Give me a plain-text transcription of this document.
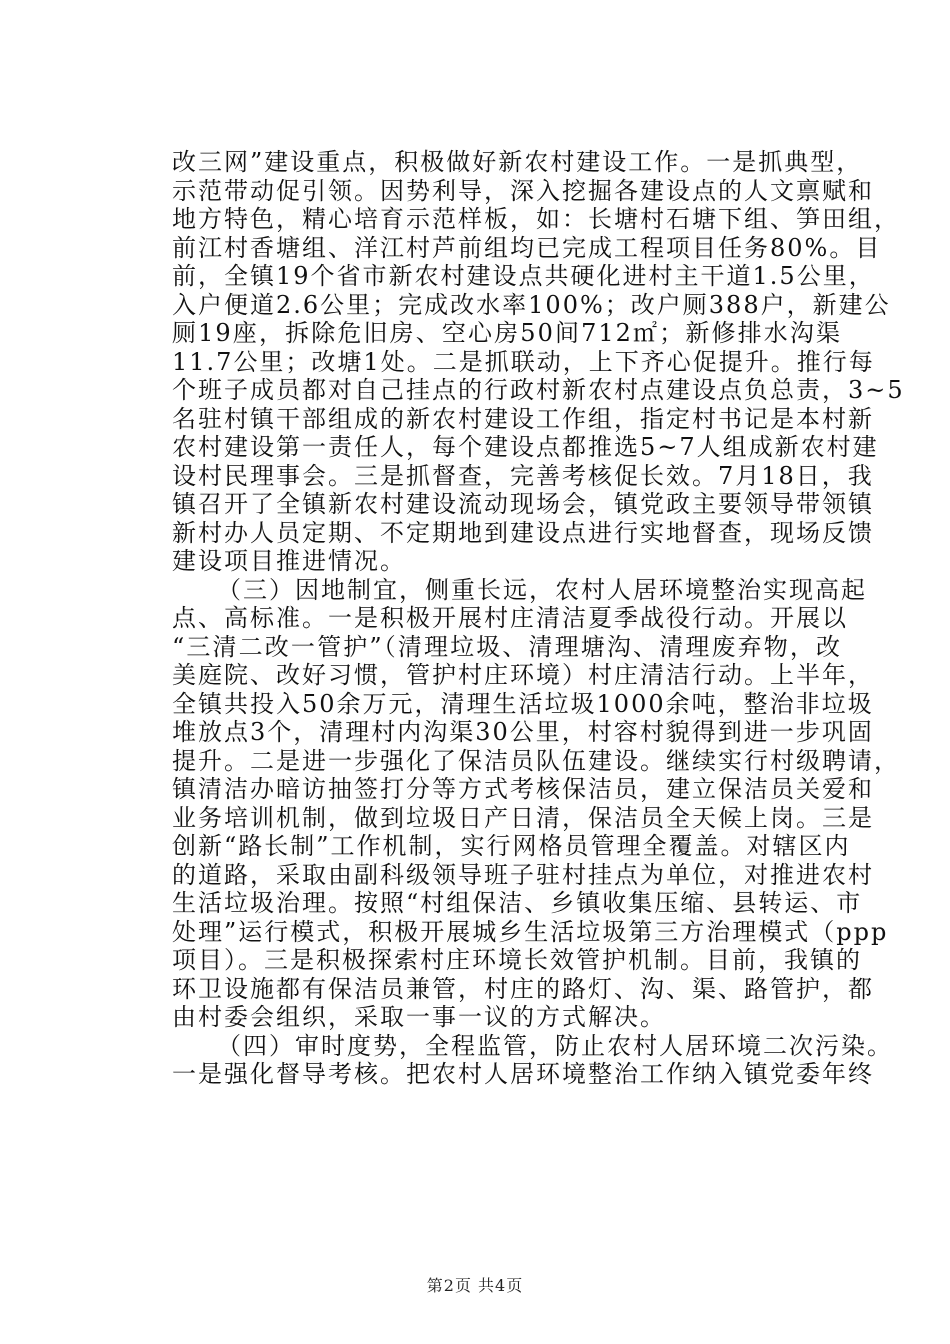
改三网”建设重点，积极做好新农村建设工作。一是抓典型，
示范带动促引领。因势利导，深入挖掘各建设点的人文禀赋和
地方特色，精心培育示范样板，如：长塘村石塘下组、笋田组，
前江村香塘组、洋江村芦前组均已完成工程项目任务80%。目
前，全镇19个省市新农村建设点共硬化进村主干道1.5公里，
入户便道2.6公里；完成改水率100%；改户厕388户，新建公
厕19座，拆除危旧房、空心房50间712㎡；新修排水沟渠
11.7公里；改塘1处。二是抓联动，上下齐心促提升。推行每
个班子成员都对自己挂点的行政村新农村点建设点负总责，3~5
名驻村镇干部组成的新农村建设工作组，指定村书记是本村新
农村建设第一责任人，每个建设点都推选5~7人组成新农村建
设村民理事会。三是抓督查，完善考核促长效。7月18日，我
镇召开了全镇新农村建设流动现场会，镇党政主要领导带领镇
新村办人员定期、不定期地到建设点进行实地督查，现场反馈
建设项目推进情况。
（三）因地制宜，侧重长远，农村人居环境整治实现高起
点、高标准。一是积极开展村庄清洁夏季战役行动。开展以
“三清二改一管护”（清理垃圾、清理塘沟、清理废弃物，改
美庭院、改好习惯，管护村庄环境）村庄清洁行动。上半年，
全镇共投入50余万元，清理生活垃圾1000余吨，整治非垃圾
堆放点3个，清理村内沟渠30公里，村容村貌得到进一步巩固
提升。二是进一步强化了保洁员队伍建设。继续实行村级聘请，
镇清洁办暗访抽签打分等方式考核保洁员，建立保洁员关爱和
业务培训机制，做到垃圾日产日清，保洁员全天候上岗。三是
创新“路长制”工作机制，实行网格员管理全覆盖。对辖区内
的道路，采取由副科级领导班子驻村挂点为单位，对推进农村
生活垃圾治理。按照“村组保洁、乡镇收集压缩、县转运、市
处理”运行模式，积极开展城乡生活垃圾第三方治理模式（ppp
项目）。三是积极探索村庄环境长效管护机制。目前，我镇的
环卫设施都有保洁员兼管，村庄的路灯、沟、渠、路管护，都
由村委会组织，采取一事一议的方式解决。
（四）审时度势，全程监管，防止农村人居环境二次污染。
一是强化督导考核。把农村人居环境整治工作纳入镇党委年终
第2页 共4页
